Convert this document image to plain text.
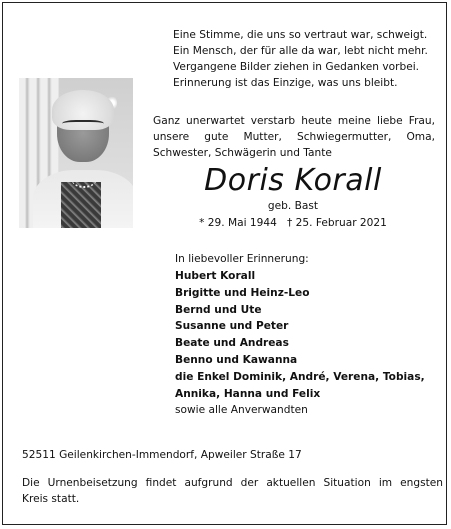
Eine Stimme, die uns so vertraut war, schweigt.
Ein Mensch, der für alle da war, lebt nicht mehr.
Vergangene Bilder ziehen in Gedanken vorbei.
Erinnerung ist das Einzige, was uns bleibt.
Ganz unerwartet verstarb heute meine liebe Frau,
unsere gute Mutter, Schwiegermutter, Oma,
Schwester, Schwägerin und Tante
Doris Korall
geb. Bast
* 29. Mai 1944   † 25. Februar 2021
In liebevoller Erinnerung:
Hubert Korall
Brigitte und Heinz-Leo
Bernd und Ute
Susanne und Peter
Beate und Andreas
Benno und Kawanna
die Enkel Dominik, André, Verena, Tobias,
Annika, Hanna und Felix
sowie alle Anverwandten
52511 Geilenkirchen-Immendorf, Apweiler Straße 17
Die Urnenbeisetzung findet aufgrund der aktuellen Situation im engsten
Kreis statt.
